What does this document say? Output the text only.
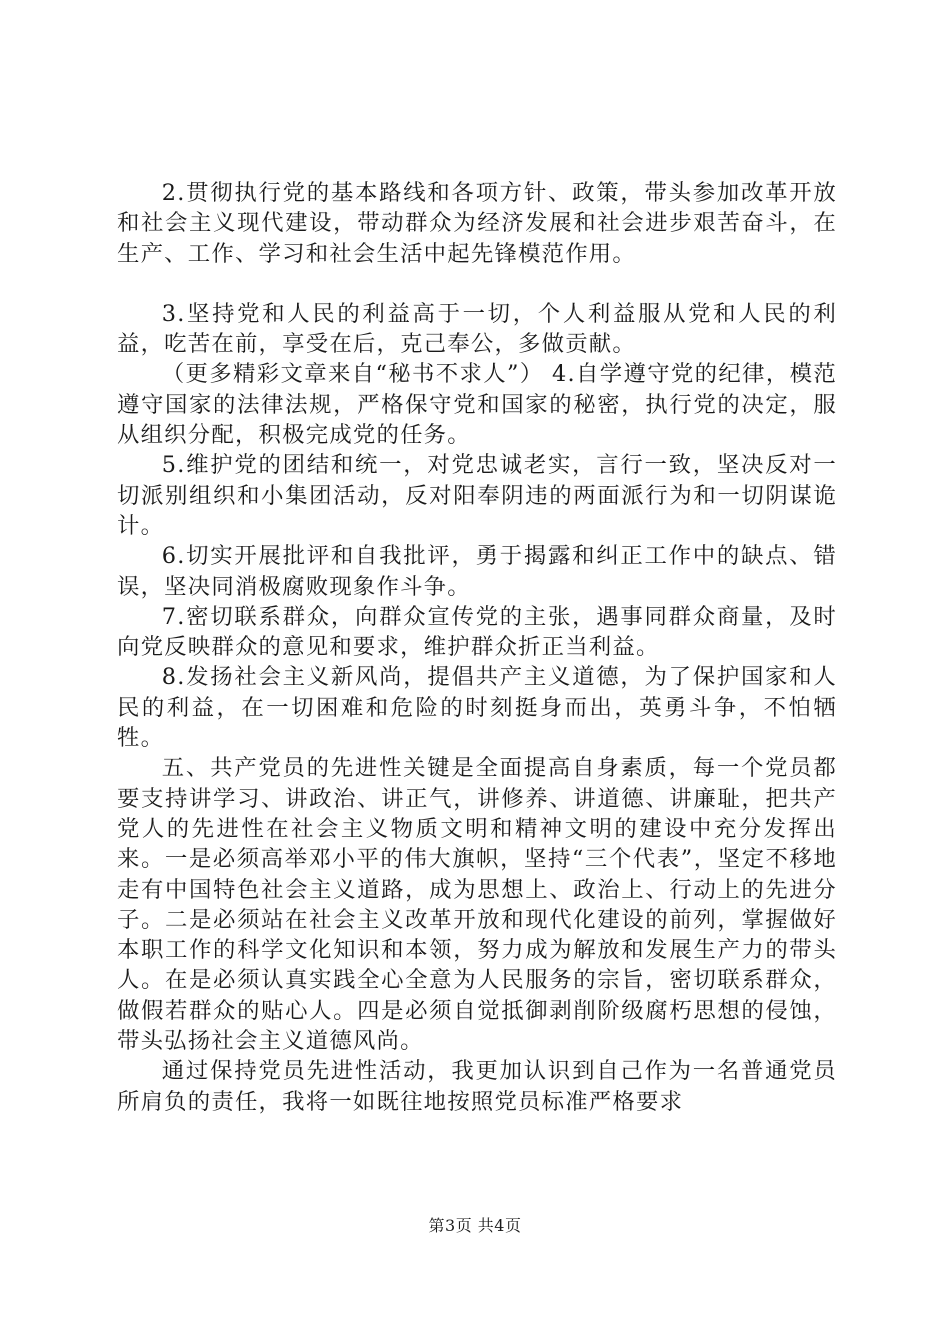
2.贯彻执行党的基本路线和各项方针、政策，带头参加改革开放和社会主义现代建设，带动群众为经济发展和社会进步艰苦奋斗，在生产、工作、学习和社会生活中起先锋模范作用。

3.坚持党和人民的利益高于一切，个人利益服从党和人民的利益，吃苦在前，享受在后，克己奉公，多做贡献。

（更多精彩文章来自“秘书不求人”） 4.自学遵守党的纪律，模范遵守国家的法律法规，严格保守党和国家的秘密，执行党的决定，服从组织分配，积极完成党的任务。

5.维护党的团结和统一，对党忠诚老实，言行一致，坚决反对一切派别组织和小集团活动，反对阳奉阴违的两面派行为和一切阴谋诡计。

6.切实开展批评和自我批评，勇于揭露和纠正工作中的缺点、错误，坚决同消极腐败现象作斗争。

7.密切联系群众，向群众宣传党的主张，遇事同群众商量，及时向党反映群众的意见和要求，维护群众折正当利益。

8.发扬社会主义新风尚，提倡共产主义道德，为了保护国家和人民的利益，在一切困难和危险的时刻挺身而出，英勇斗争，不怕牺牲。

五、共产党员的先进性关键是全面提高自身素质，每一个党员都要支持讲学习、讲政治、讲正气，讲修养、讲道德、讲廉耻，把共产党人的先进性在社会主义物质文明和精神文明的建设中充分发挥出来。一是必须高举邓小平的伟大旗帜，坚持“三个代表”，坚定不移地走有中国特色社会主义道路，成为思想上、政治上、行动上的先进分子。二是必须站在社会主义改革开放和现代化建设的前列，掌握做好本职工作的科学文化知识和本领，努力成为解放和发展生产力的带头人。在是必须认真实践全心全意为人民服务的宗旨，密切联系群众，做假若群众的贴心人。四是必须自觉抵御剥削阶级腐朽思想的侵蚀，带头弘扬社会主义道德风尚。

通过保持党员先进性活动，我更加认识到自己作为一名普通党员所肩负的责任，我将一如既往地按照党员标准严格要求

第3页 共4页
